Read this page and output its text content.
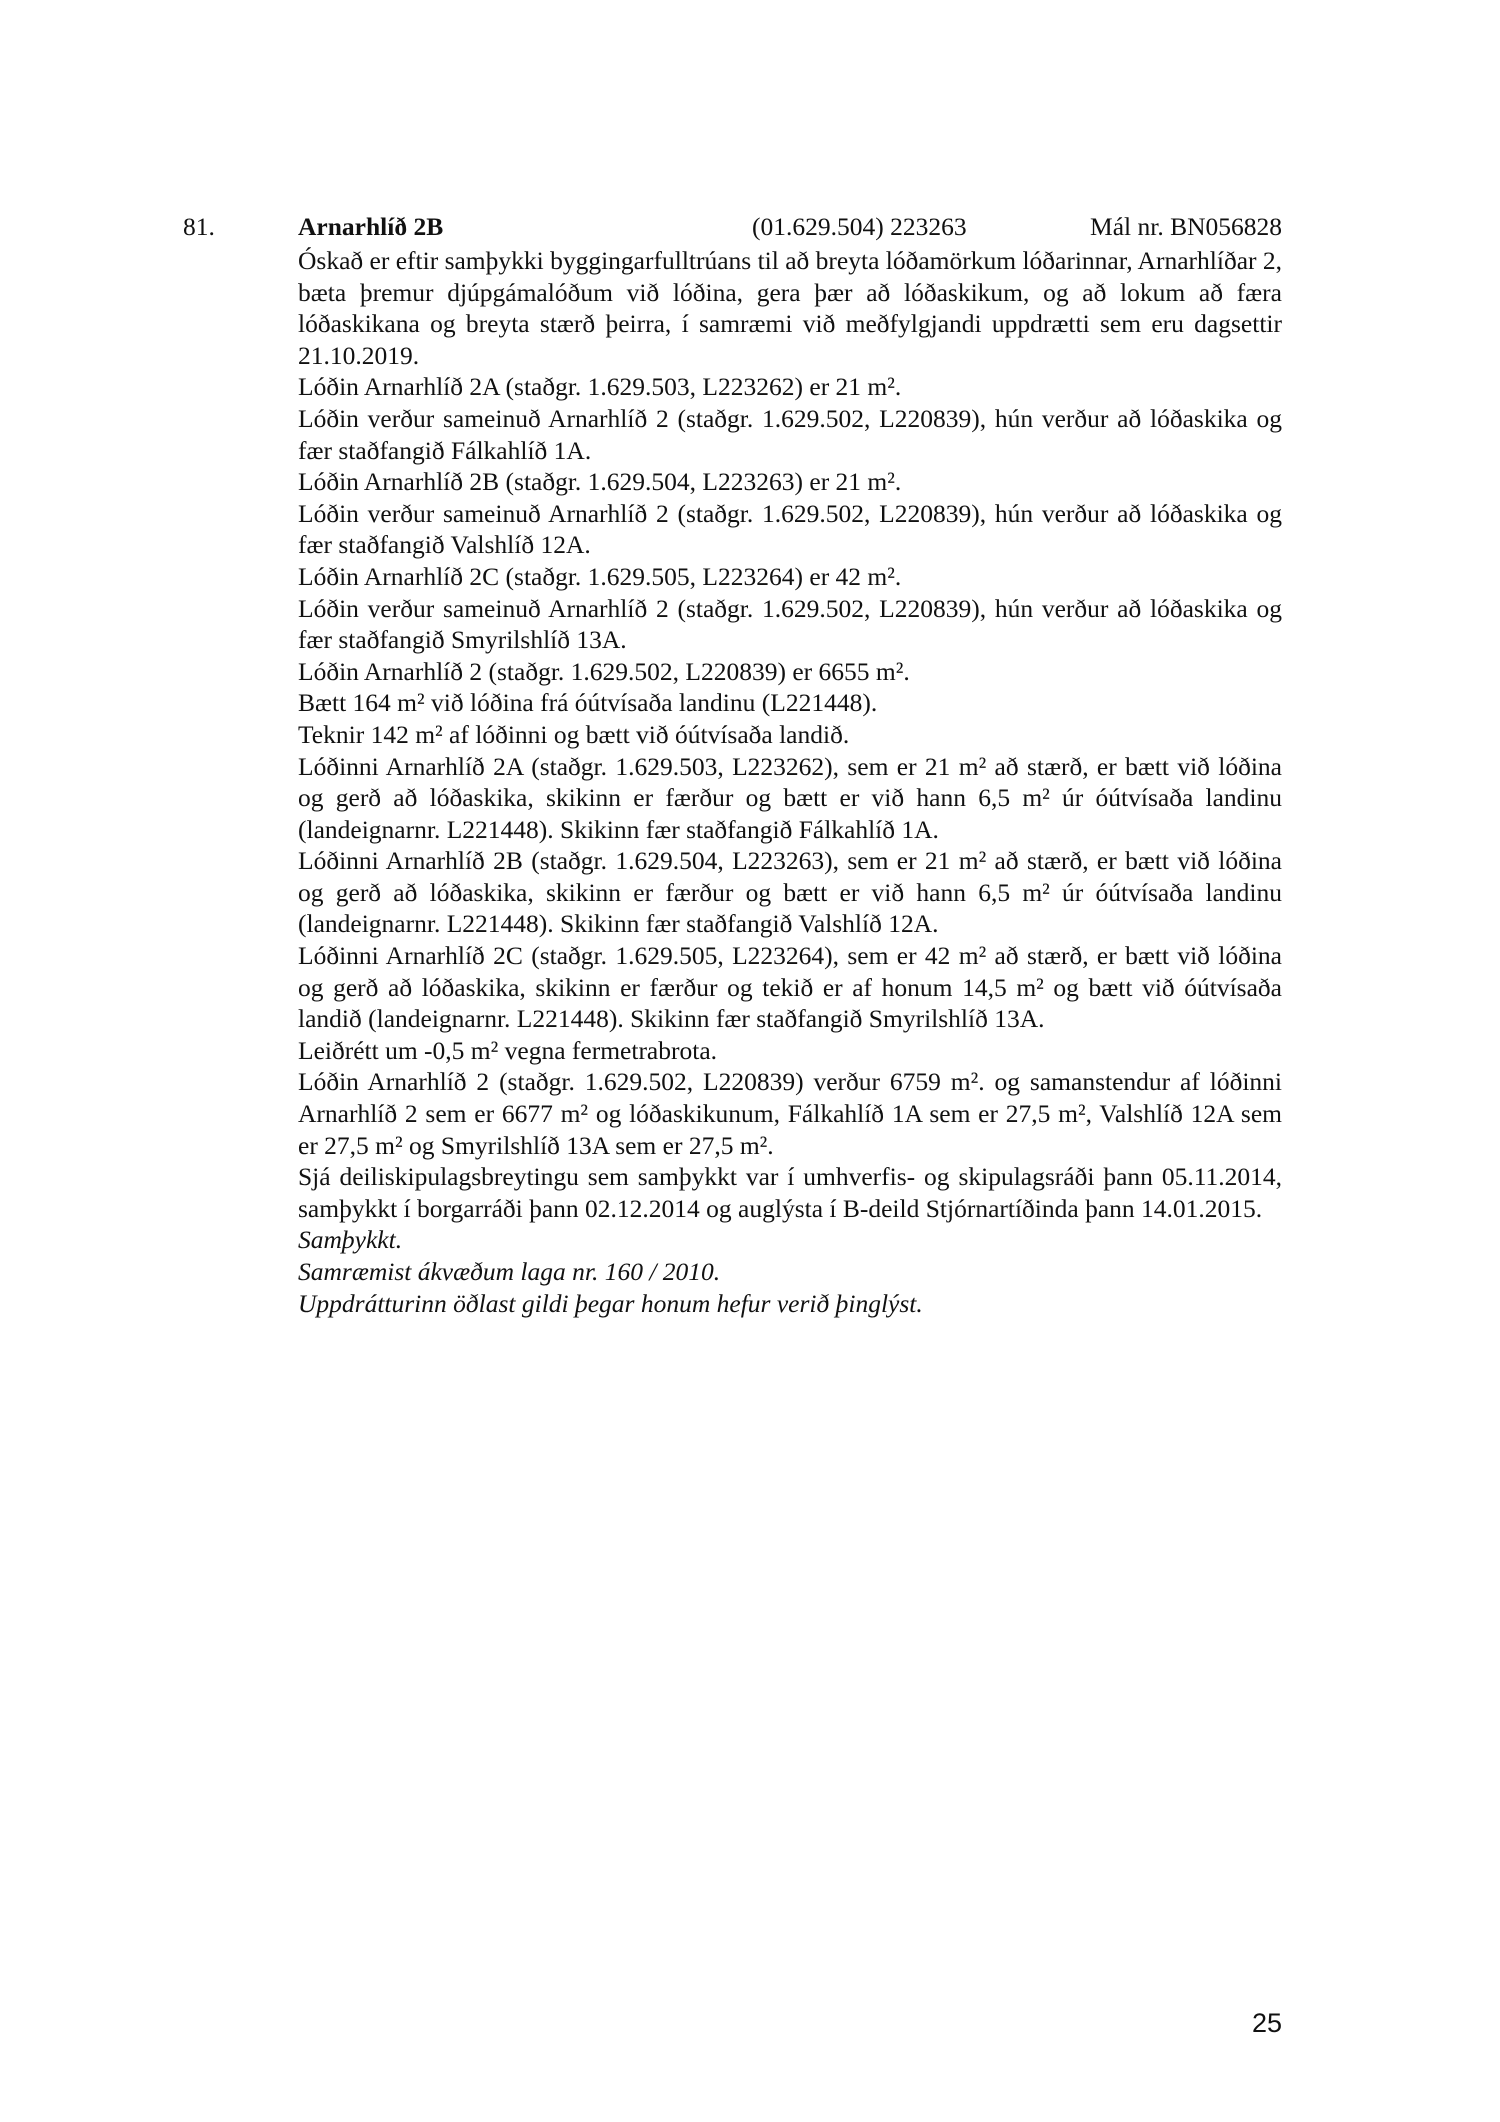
81.	Arnarhlíð 2B	(01.629.504) 223263	Mál nr. BN056828

Óskað er eftir samþykki byggingarfulltrúans til að breyta lóðamörkum lóðarinnar, Arnarhlíðar 2, bæta þremur djúpgámalóðum við lóðina, gera þær að lóðaskikum, og að lokum að færa lóðaskikana og breyta stærð þeirra, í samræmi við meðfylgjandi uppdrætti sem eru dagsettir 21.10.2019.

Lóðin Arnarhlíð 2A (staðgr. 1.629.503, L223262) er 21 m².

Lóðin verður sameinuð Arnarhlíð 2 (staðgr. 1.629.502, L220839), hún verður að lóðaskika og fær staðfangið Fálkahlíð 1A.

Lóðin Arnarhlíð 2B (staðgr. 1.629.504, L223263) er 21 m².

Lóðin verður sameinuð Arnarhlíð 2 (staðgr. 1.629.502, L220839), hún verður að lóðaskika og fær staðfangið Valshlíð 12A.

Lóðin Arnarhlíð 2C (staðgr. 1.629.505, L223264) er 42 m².

Lóðin verður sameinuð Arnarhlíð 2 (staðgr. 1.629.502, L220839), hún verður að lóðaskika og fær staðfangið Smyrilshlíð 13A.

Lóðin Arnarhlíð 2 (staðgr. 1.629.502, L220839) er 6655 m².

Bætt 164 m² við lóðina frá óútvísaða landinu (L221448).

Teknir 142 m² af lóðinni og bætt við óútvísaða landið.

Lóðinni Arnarhlíð 2A (staðgr. 1.629.503, L223262), sem er 21 m² að stærð, er bætt við lóðina og gerð að lóðaskika, skikinn er færður og bætt er við hann 6,5 m² úr óútvísaða landinu (landeignarnr. L221448). Skikinn fær staðfangið Fálkahlíð 1A.

Lóðinni Arnarhlíð 2B (staðgr. 1.629.504, L223263), sem er 21 m² að stærð, er bætt við lóðina og gerð að lóðaskika, skikinn er færður og bætt er við hann 6,5 m² úr óútvísaða landinu (landeignarnr. L221448). Skikinn fær staðfangið Valshlíð 12A.

Lóðinni Arnarhlíð 2C (staðgr. 1.629.505, L223264), sem er 42 m² að stærð, er bætt við lóðina og gerð að lóðaskika, skikinn er færður og tekið er af honum 14,5 m² og bætt við óútvísaða landið (landeignarnr. L221448). Skikinn fær staðfangið Smyrilshlíð 13A.

Leiðrétt um -0,5 m² vegna fermetrabrota.

Lóðin Arnarhlíð 2 (staðgr. 1.629.502, L220839) verður 6759 m². og samanstendur af lóðinni Arnarhlíð 2 sem er 6677 m² og lóðaskikunum, Fálkahlíð 1A sem er 27,5 m², Valshlíð 12A sem er 27,5 m² og Smyrilshlíð 13A sem er 27,5 m².

Sjá deiliskipulagsbreytingu sem samþykkt var í umhverfis- og skipulagsráði þann 05.11.2014, samþykkt í borgarráði þann 02.12.2014 og auglýsta í B-deild Stjórnartíðinda þann 14.01.2015.

Samþykkt.

Samræmist ákvæðum laga nr. 160 / 2010.

Uppdrátturinn öðlast gildi þegar honum hefur verið þinglýst.

25
